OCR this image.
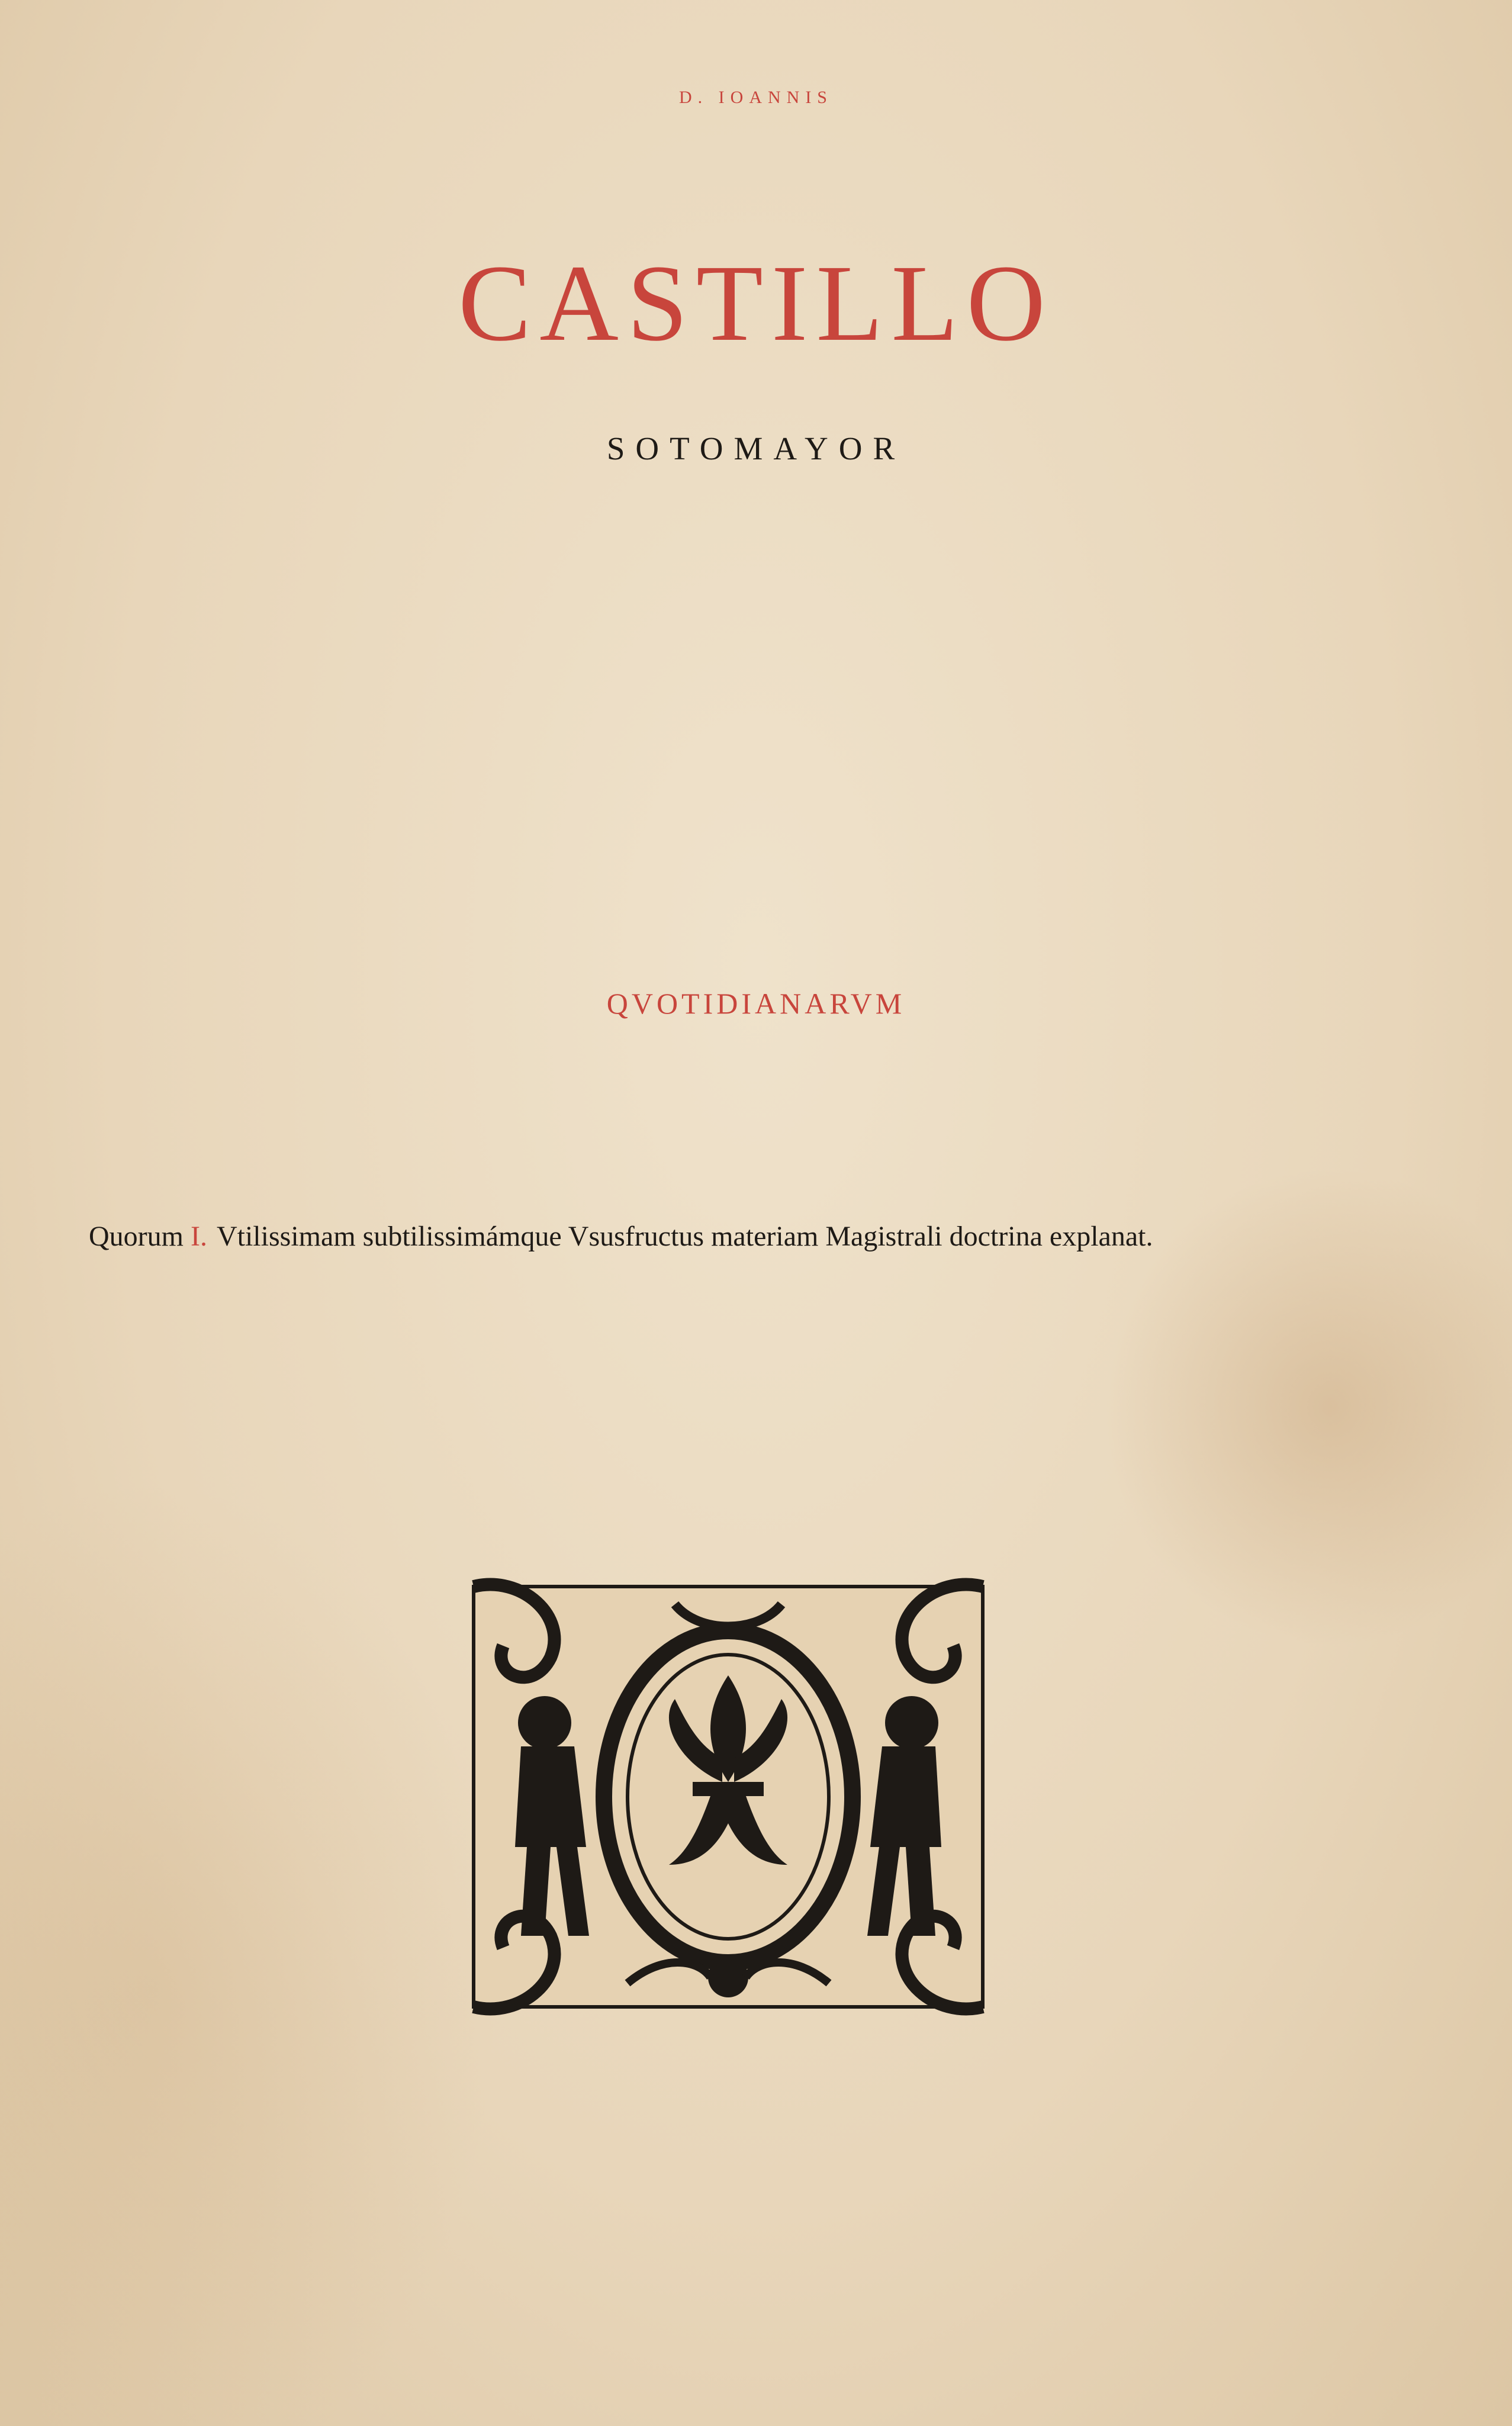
D. IOANNIS
CASTILLO
SOTOMAYOR
QVOTIDIANARVM
Quorum I. Vtilissimam subtilissimámque Vsusfructus materiam Magistrali doctrina explanat.
